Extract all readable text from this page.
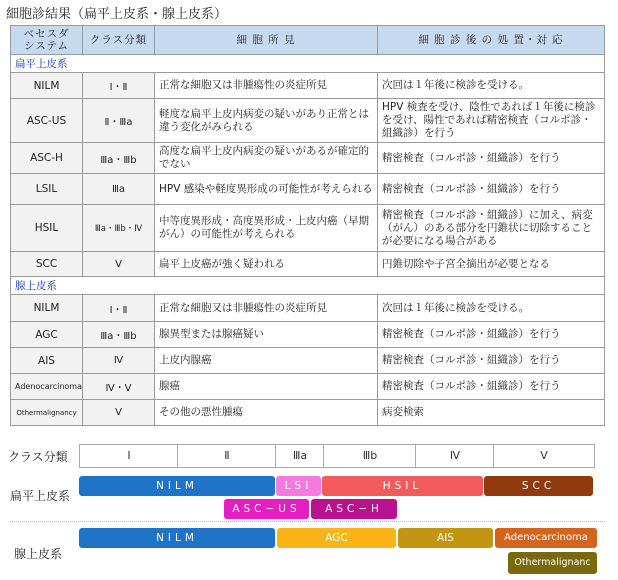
細胞診結果（扁平上皮系・腺上皮系）
ベセスダ
システム	クラス分類	細 胞 所 見	細 胞 診 後 の 処 置・対 応
扁平上皮系			
NILM	Ⅰ・Ⅱ	正常な細胞又は非腫瘍性の炎症所見	次回は１年後に検診を受ける。
ASC-US	Ⅱ・Ⅲa	軽度な扁平上皮内病変の疑いがあり正常とは違う変化がみられる	HPV 検査を受け、陰性であれば１年後に検診を受け、陽性であれば精密検査（コルポ診・組織診）を行う
ASC-H	Ⅲa・Ⅲb	高度な扁平上皮内病変の疑いがあるが確定的でない	精密検査（コルポ診・組織診）を行う
LSIL	Ⅲa	HPV 感染や軽度異形成の可能性が考えられる	精密検査（コルポ診・組織診）を行う
HSIL	Ⅲa・Ⅲb・Ⅳ	中等度異形成・高度異形成・上皮内癌（早期がん）の可能性が考えられる	精密検査（コルポ診・組織診）に加え、病変（がん）のある部分を円錐状に切除することが必要になる場合がある
SCC	Ⅴ	扁平上皮癌が強く疑われる	円錐切除や子宮全摘出が必要となる
腺上皮系			
NILM	Ⅰ・Ⅱ	正常な細胞又は非腫瘍性の炎症所見	次回は１年後に検診を受ける。
AGC	Ⅲa・Ⅲb	腺異型または腺癌疑い	精密検査（コルポ診・組織診）を行う
AIS	Ⅳ	上皮内腺癌	精密検査（コルポ診・組織診）を行う
Adenocarcinoma	Ⅳ・Ⅴ	腺癌	精密検査（コルポ診・組織診）を行う
Othermalignancy	Ⅴ	その他の悪性腫瘍	病変検索
クラス分類	Ⅰ	Ⅱ	Ⅲa	Ⅲb	Ⅳ	Ⅴ
扁平上皮系
NILM	LSI	HSIL	SCC
ASC−US	ASC−H
腺上皮系
NILM	AGC	AIS	Adenocarcinoma
Othermalignanc
